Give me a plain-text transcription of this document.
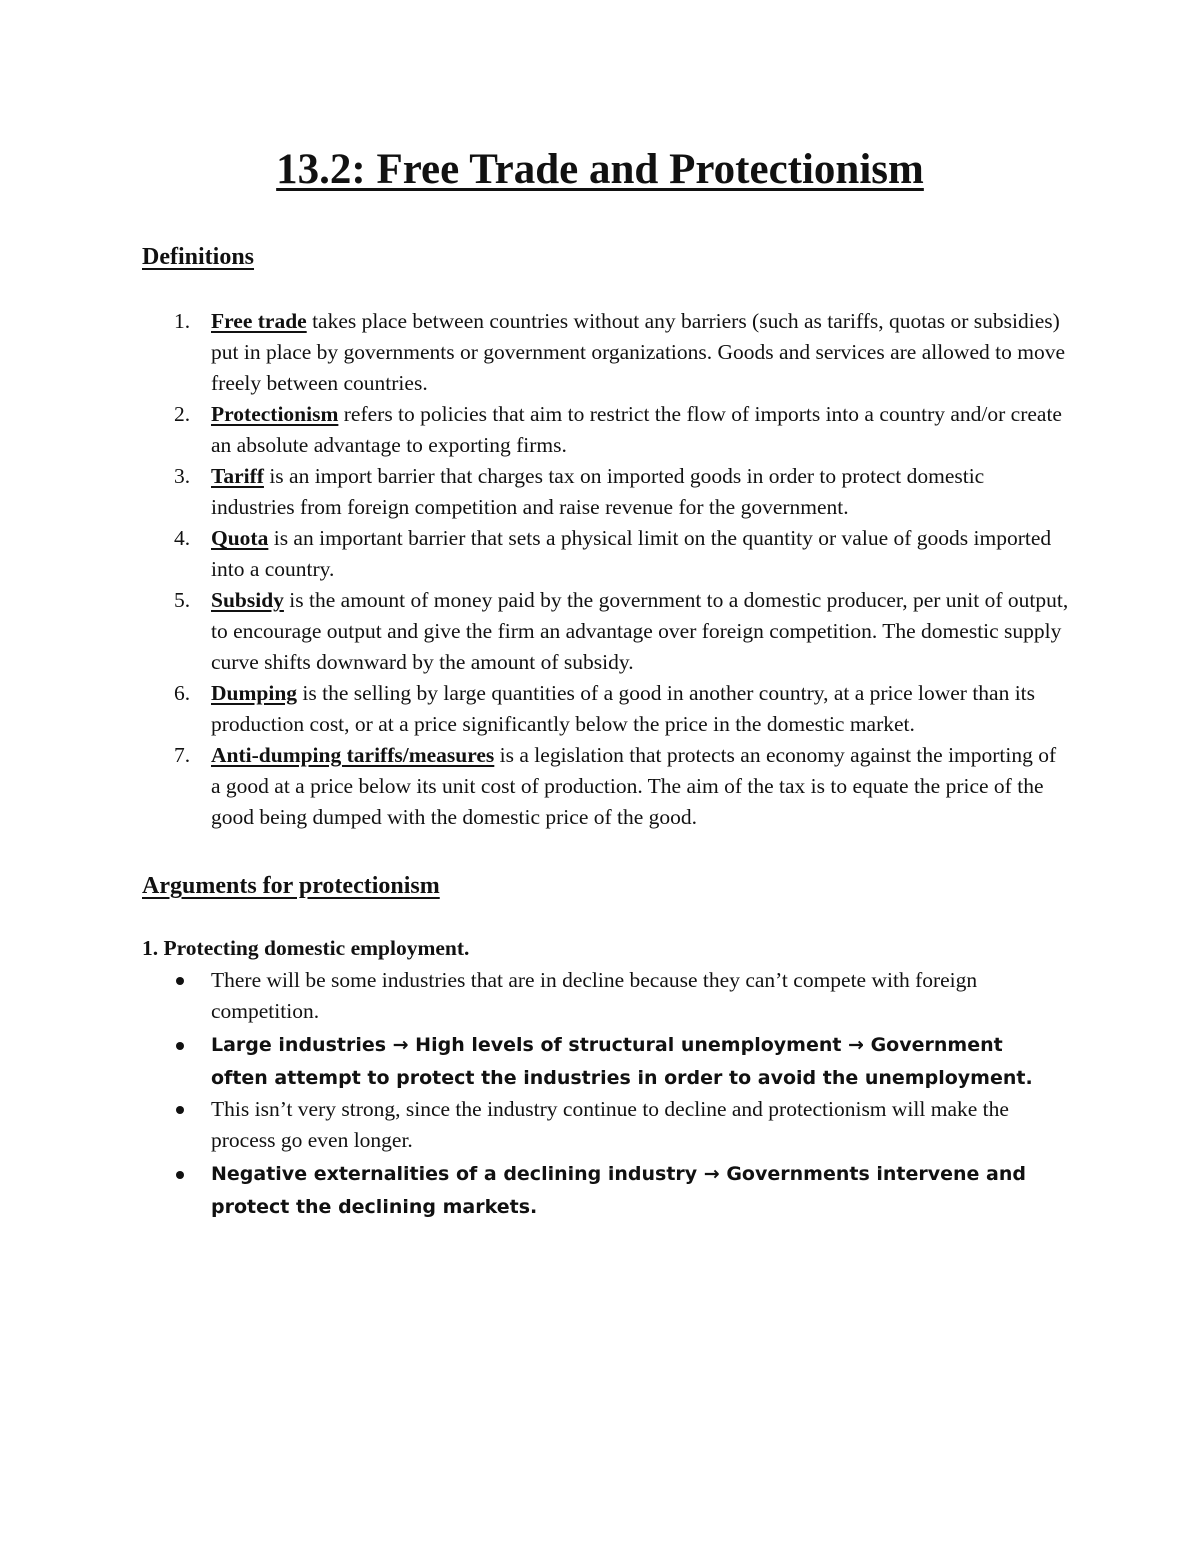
13.2: Free Trade and Protectionism
Definitions
1. Free trade takes place between countries without any barriers (such as tariffs, quotas or subsidies) put in place by governments or government organizations. Goods and services are allowed to move freely between countries.
2. Protectionism refers to policies that aim to restrict the flow of imports into a country and/or create an absolute advantage to exporting firms.
3. Tariff is an import barrier that charges tax on imported goods in order to protect domestic industries from foreign competition and raise revenue for the government.
4. Quota is an important barrier that sets a physical limit on the quantity or value of goods imported into a country.
5. Subsidy is the amount of money paid by the government to a domestic producer, per unit of output, to encourage output and give the firm an advantage over foreign competition. The domestic supply curve shifts downward by the amount of subsidy.
6. Dumping is the selling by large quantities of a good in another country, at a price lower than its production cost, or at a price significantly below the price in the domestic market.
7. Anti-dumping tariffs/measures is a legislation that protects an economy against the importing of a good at a price below its unit cost of production. The aim of the tax is to equate the price of the good being dumped with the domestic price of the good.
Arguments for protectionism
1. Protecting domestic employment.
There will be some industries that are in decline because they can’t compete with foreign competition.
Large industries → High levels of structural unemployment → Government often attempt to protect the industries in order to avoid the unemployment.
This isn’t very strong, since the industry continue to decline and protectionism will make the process go even longer.
Negative externalities of a declining industry → Governments intervene and protect the declining markets.
